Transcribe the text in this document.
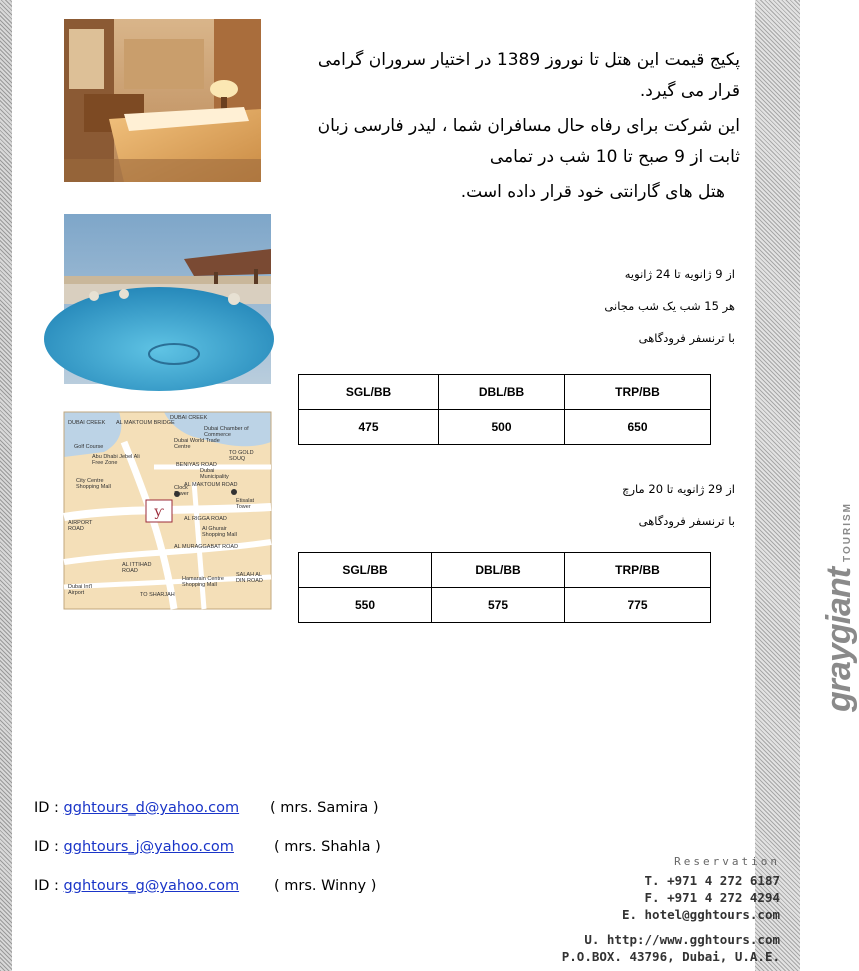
graygiant
TOURISM
ƴ
AL MAKTOUM BRIDGE
DUBAI CREEK
DUBAI CREEK
Dubai Chamber of Commerce
Dubai World Trade Centre
Golf Course
Abu Dhabi Jebel Ali Free Zone
TO GOLD SOUQ
BENIYAS ROAD
City Centre Shopping Mall
Dubai Municipality
AL MAKTOUM ROAD
Clock Tower
Etisalat Tower
AL RIGGA ROAD
Al Ghurair Shopping Mall
AL MURAGGABAT ROAD
AIRPORT ROAD
Hamarain Centre Shopping Mall
AL ITTIHAD ROAD
Dubai Int'l Airport	TO SHARJAH
SALAH AL DIN ROAD

پکیج قیمت این هتل تا نوروز 1389 در اختیار سروران گرامی قرار می گیرد.

این شرکت برای رفاه حال مسافران شما ، لیدر فارسی زبان ثابت از 9 صبح تا 10 شب در تمامی

هتل های گارانتی خود قرار داده است.

از 9 ژانویه تا 24 ژانویه
هر 15 شب یک شب مجانی
با ترنسفر فرودگاهی
SGL/BB	DBL/BB	TRP/BB
475	500	650
از 29 ژانویه تا 20 مارچ
با ترنسفر فرودگاهی
SGL/BB	DBL/BB	TRP/BB
550	575	775
ID : gghtours_d@yahoo.com ( mrs. Samira )
ID : gghtours_j@yahoo.com	( mrs. Shahla )
ID : gghtours_g@yahoo.com ( mrs. Winny )
Reservation
T. +971 4 272 6187
F. +971 4 272 4294
E. hotel@gghtours.com
U. http://www.gghtours.com
P.O.BOX. 43796, Dubai, U.A.E.
